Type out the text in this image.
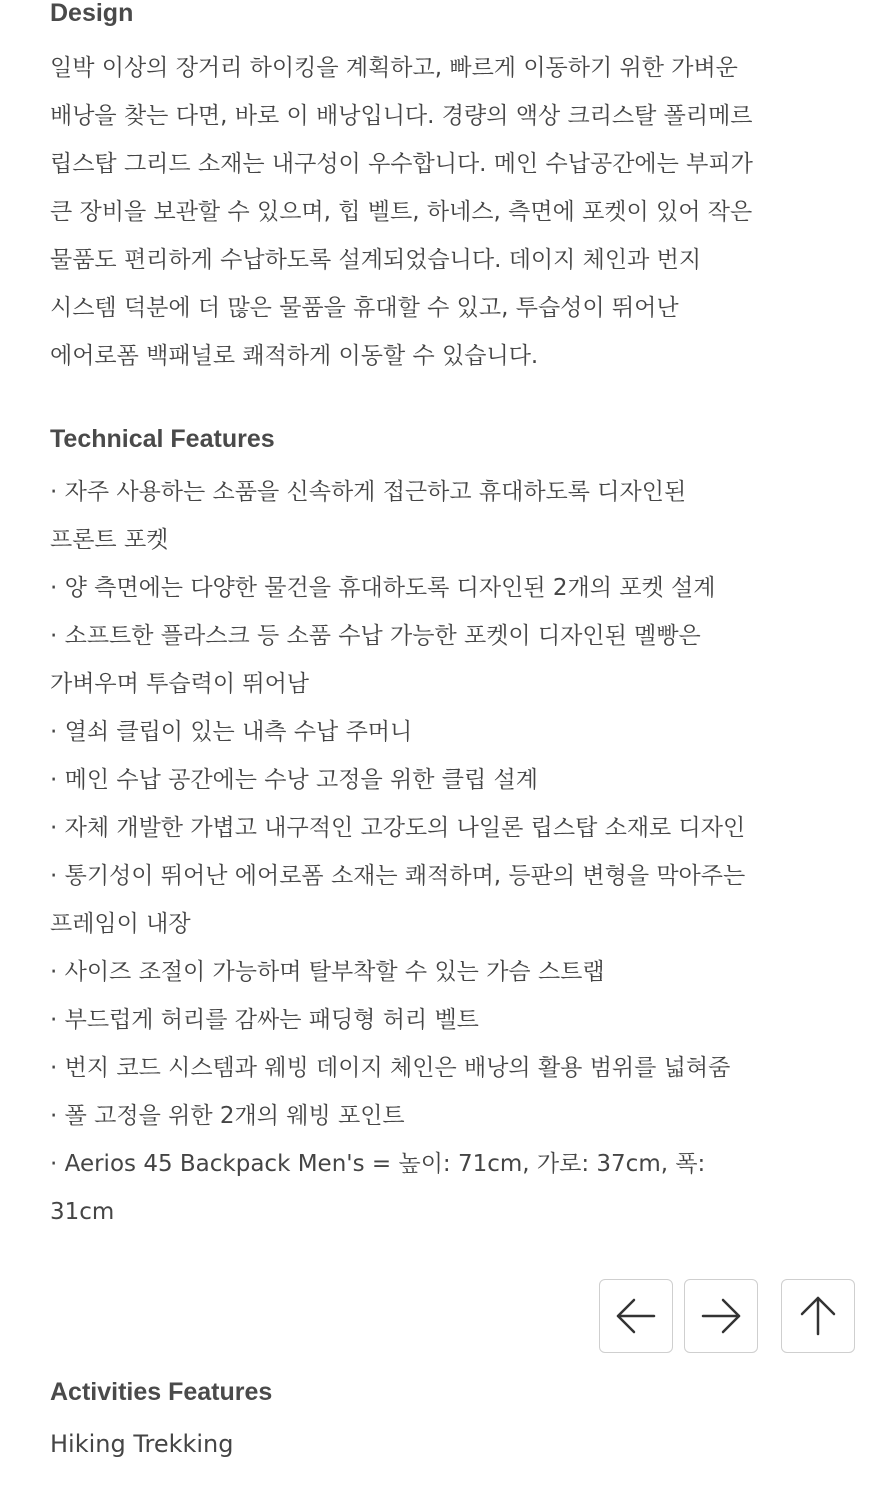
Design

일박 이상의 장거리 하이킹을 계획하고, 빠르게 이동하기 위한 가벼운 배낭을 찾는 다면, 바로 이 배낭입니다. 경량의 액상 크리스탈 폴리메르 립스탑 그리드 소재는 내구성이 우수합니다. 메인 수납공간에는 부피가 큰 장비을 보관할 수 있으며, 힙 벨트, 하네스, 측면에 포켓이 있어 작은 물품도 편리하게 수납하도록 설계되었습니다. 데이지 체인과 번지 시스템 덕분에 더 많은 물품을 휴대할 수 있고, 투습성이 뛰어난 에어로폼 백패널로 쾌적하게 이동할 수 있습니다.

Technical Features
· 자주 사용하는 소품을 신속하게 접근하고 휴대하도록 디자인된 프론트 포켓
· 양 측면에는 다양한 물건을 휴대하도록 디자인된 2개의 포켓 설계
· 소프트한 플라스크 등 소품 수납 가능한 포켓이 디자인된 멜빵은 가벼우며 투습력이 뛰어남
· 열쇠 클립이 있는 내측 수납 주머니
· 메인 수납 공간에는 수낭 고정을 위한 클립 설계
· 자체 개발한 가볍고 내구적인 고강도의 나일론 립스탑 소재로 디자인
· 통기성이 뛰어난 에어로폼 소재는 쾌적하며, 등판의 변형을 막아주는 프레임이 내장
· 사이즈 조절이 가능하며 탈부착할 수 있는 가슴 스트랩
· 부드럽게 허리를 감싸는 패딩형 허리 벨트
· 번지 코드 시스템과 웨빙 데이지 체인은 배낭의 활용 범위를 넓혀줌
· 폴 고정을 위한 2개의 웨빙 포인트
· Aerios 45 Backpack Men's = 높이: 71cm, 가로: 37cm, 폭: 31cm
Activities Features

Hiking Trekking
